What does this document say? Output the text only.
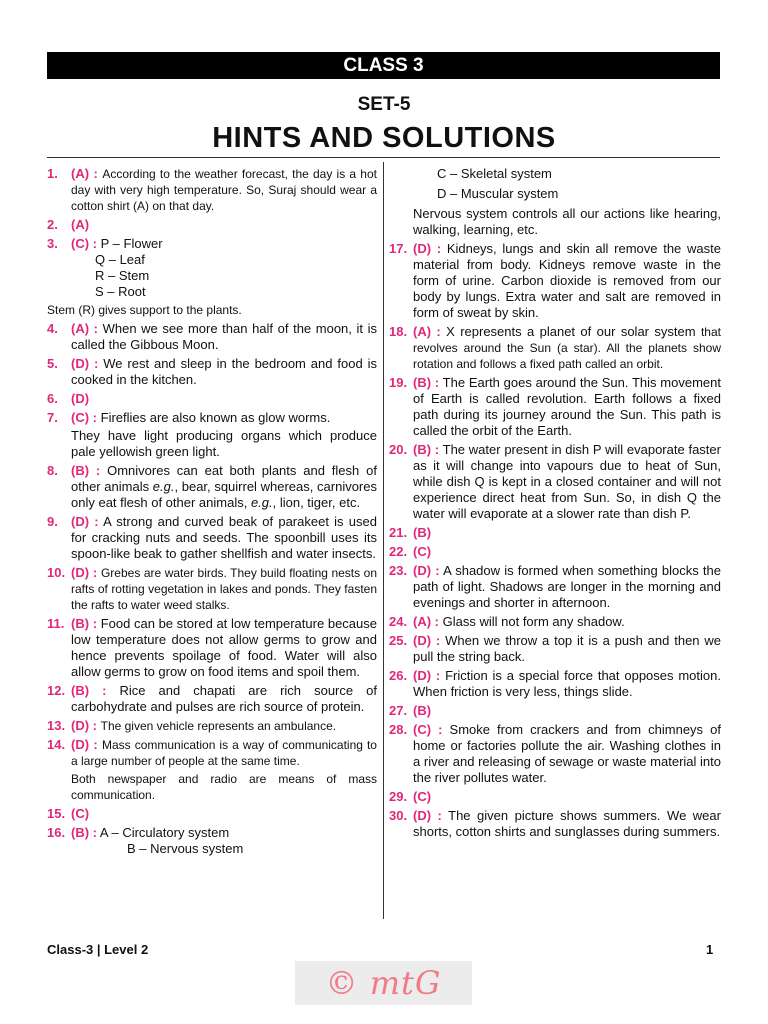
CLASS 3
SET-5
HINTS AND SOLUTIONS
1. (A) : According to the weather forecast, the day is a hot day with very high temperature. So, Suraj should wear a cotton shirt (A) on that day.
2. (A)
3. (C) : P – Flower
Q – Leaf
R – Stem
S – Root
Stem (R) gives support to the plants.
4. (A) : When we see more than half of the moon, it is called the Gibbous Moon.
5. (D) : We rest and sleep in the bedroom and food is cooked in the kitchen.
6. (D)
7. (C) : Fireflies are also known as glow worms.
They have light producing organs which produce pale yellowish green light.
8. (B) : Omnivores can eat both plants and flesh of other animals e.g., bear, squirrel whereas, carnivores only eat flesh of other animals, e.g., lion, tiger, etc.
9. (D) : A strong and curved beak of parakeet is used for cracking nuts and seeds. The spoonbill uses its spoon-like beak to gather shellfish and water insects.
10. (D) : Grebes are water birds. They build floating nests on rafts of rotting vegetation in lakes and ponds. They fasten the rafts to water weed stalks.
11. (B) : Food can be stored at low temperature because low temperature does not allow germs to grow and hence prevents spoilage of food. Water will also allow germs to grow on food items and spoil them.
12. (B) : Rice and chapati are rich source of carbohydrate and pulses are rich source of protein.
13. (D) : The given vehicle represents an ambulance.
14. (D) : Mass communication is a way of communicating to a large number of people at the same time.
Both newspaper and radio are means of mass communication.
15. (C)
16. (B) : A – Circulatory system
B – Nervous system
C – Skeletal system
D – Muscular system
Nervous system controls all our actions like hearing, walking, learning, etc.
17. (D) : Kidneys, lungs and skin all remove the waste material from body. Kidneys remove waste in the form of urine. Carbon dioxide is removed from our body by lungs. Extra water and salt are removed in form of sweat by skin.
18. (A) : X represents a planet of our solar system that revolves around the Sun (a star). All the planets show rotation and follows a fixed path called an orbit.
19. (B) : The Earth goes around the Sun. This movement of Earth is called revolution. Earth follows a fixed path during its journey around the Sun. This path is called the orbit of the Earth.
20. (B) : The water present in dish P will evaporate faster as it will change into vapours due to heat of Sun, while dish Q is kept in a closed container and will not experience direct heat from Sun. So, in dish Q the water will evaporate at a slower rate than dish P.
21. (B)
22. (C)
23. (D) : A shadow is formed when something blocks the path of light. Shadows are longer in the morning and evenings and shorter in afternoon.
24. (A) : Glass will not form any shadow.
25. (D) : When we throw a top it is a push and then we pull the string back.
26. (D) : Friction is a special force that opposes motion. When friction is very less, things slide.
27. (B)
28. (C) : Smoke from crackers and from chimneys of home or factories pollute the air. Washing clothes in a river and releasing of sewage or waste material into the river pollutes water.
29. (C)
30. (D) : The given picture shows summers. We wear shorts, cotton shirts and sunglasses during summers.
Class-3 | Level 2	1
© mtG
